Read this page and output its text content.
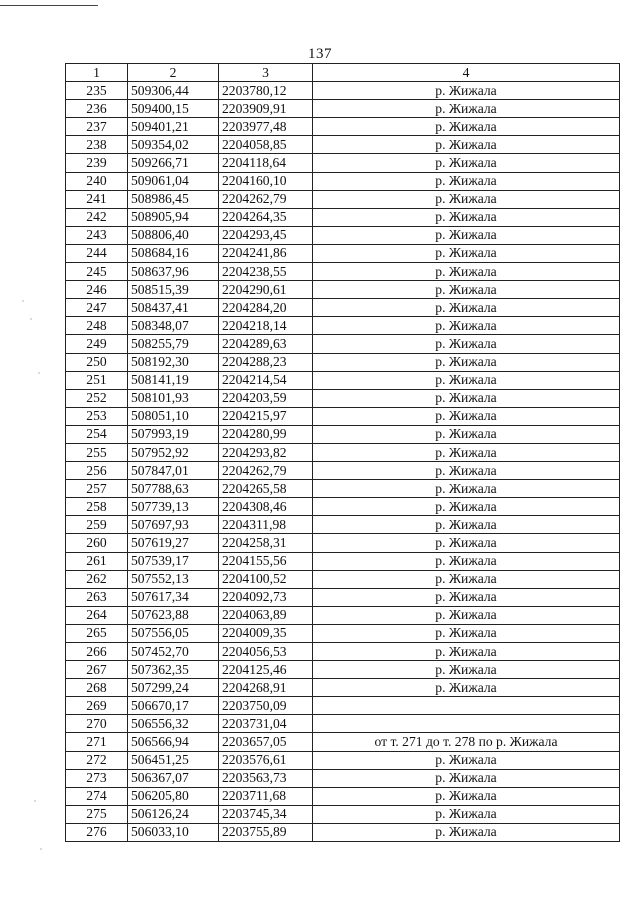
137
1	2	3	4
235	509306,44	2203780,12	р. Жижала
236	509400,15	2203909,91	р. Жижала
237	509401,21	2203977,48	р. Жижала
238	509354,02	2204058,85	р. Жижала
239	509266,71	2204118,64	р. Жижала
240	509061,04	2204160,10	р. Жижала
241	508986,45	2204262,79	р. Жижала
242	508905,94	2204264,35	р. Жижала
243	508806,40	2204293,45	р. Жижала
244	508684,16	2204241,86	р. Жижала
245	508637,96	2204238,55	р. Жижала
246	508515,39	2204290,61	р. Жижала
247	508437,41	2204284,20	р. Жижала
248	508348,07	2204218,14	р. Жижала
249	508255,79	2204289,63	р. Жижала
250	508192,30	2204288,23	р. Жижала
251	508141,19	2204214,54	р. Жижала
252	508101,93	2204203,59	р. Жижала
253	508051,10	2204215,97	р. Жижала
254	507993,19	2204280,99	р. Жижала
255	507952,92	2204293,82	р. Жижала
256	507847,01	2204262,79	р. Жижала
257	507788,63	2204265,58	р. Жижала
258	507739,13	2204308,46	р. Жижала
259	507697,93	2204311,98	р. Жижала
260	507619,27	2204258,31	р. Жижала
261	507539,17	2204155,56	р. Жижала
262	507552,13	2204100,52	р. Жижала
263	507617,34	2204092,73	р. Жижала
264	507623,88	2204063,89	р. Жижала
265	507556,05	2204009,35	р. Жижала
266	507452,70	2204056,53	р. Жижала
267	507362,35	2204125,46	р. Жижала
268	507299,24	2204268,91	р. Жижала
269	506670,17	2203750,09	
270	506556,32	2203731,04	
271	506566,94	2203657,05	от т. 271 до т. 278 по р. Жижала
272	506451,25	2203576,61	р. Жижала
273	506367,07	2203563,73	р. Жижала
274	506205,80	2203711,68	р. Жижала
275	506126,24	2203745,34	р. Жижала
276	506033,10	2203755,89	р. Жижала
